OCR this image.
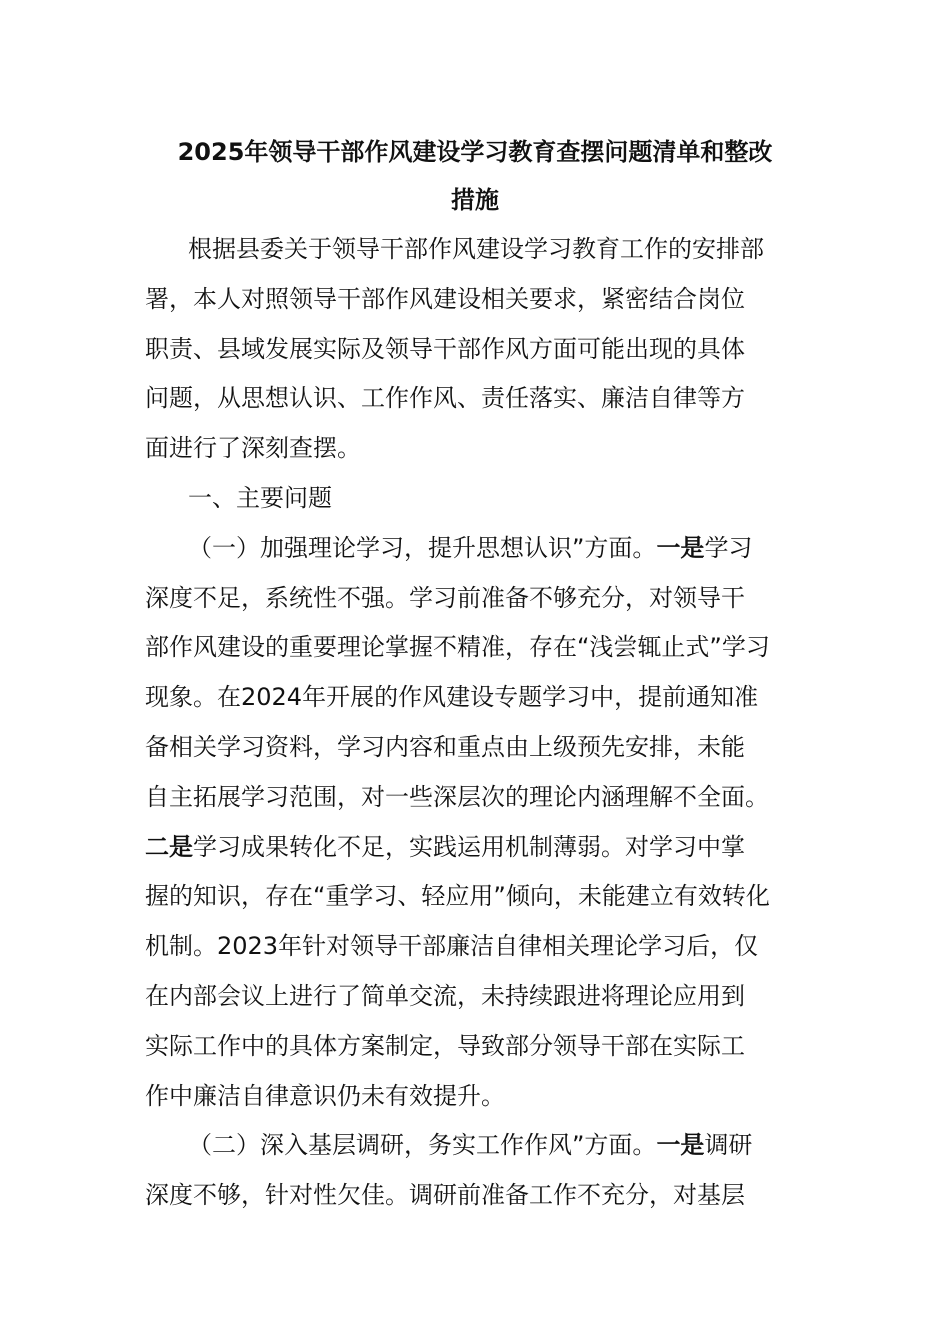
2025年领导干部作风建设学习教育查摆问题清单和整改
措施
根据县委关于领导干部作风建设学习教育工作的安排部
署，本人对照领导干部作风建设相关要求，紧密结合岗位
职责、县域发展实际及领导干部作风方面可能出现的具体
问题，从思想认识、工作作风、责任落实、廉洁自律等方
面进行了深刻查摆。
一、主要问题
（一）加强理论学习，提升思想认识”方面。一是学习
深度不足，系统性不强。学习前准备不够充分，对领导干
部作风建设的重要理论掌握不精准，存在“浅尝辄止式”学习
现象。在2024年开展的作风建设专题学习中，提前通知准
备相关学习资料，学习内容和重点由上级预先安排，未能
自主拓展学习范围，对一些深层次的理论内涵理解不全面。
二是学习成果转化不足，实践运用机制薄弱。对学习中掌
握的知识，存在“重学习、轻应用”倾向，未能建立有效转化
机制。2023年针对领导干部廉洁自律相关理论学习后，仅
在内部会议上进行了简单交流，未持续跟进将理论应用到
实际工作中的具体方案制定，导致部分领导干部在实际工
作中廉洁自律意识仍未有效提升。
（二）深入基层调研，务实工作作风”方面。一是调研
深度不够，针对性欠佳。调研前准备工作不充分，对基层
